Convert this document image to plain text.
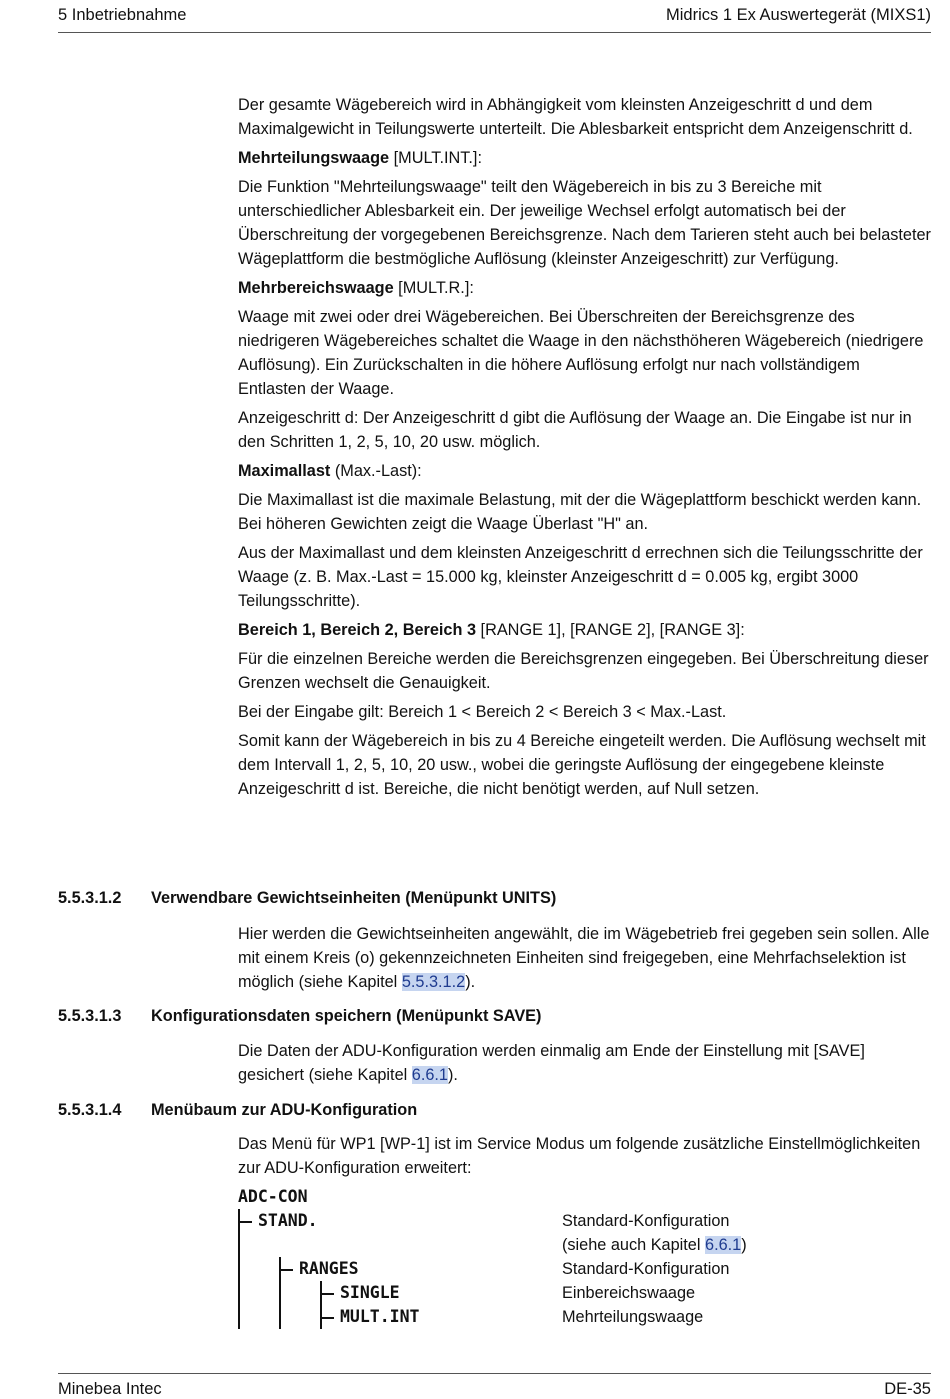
5 Inbetriebnahme	Midrics 1 Ex Auswertegerät (MIXS1)

Der gesamte Wägebereich wird in Abhängigkeit vom kleinsten Anzeigeschritt d und dem Maximalgewicht in Teilungswerte unterteilt. Die Ablesbarkeit entspricht dem Anzeigenschritt d.

Mehrteilungswaage [MULT.INT.]:

Die Funktion "Mehrteilungswaage" teilt den Wägebereich in bis zu 3 Bereiche mit unterschiedlicher Ablesbarkeit ein. Der jeweilige Wechsel erfolgt automatisch bei der Überschreitung der vorgegebenen Bereichsgrenze. Nach dem Tarieren steht auch bei belasteter Wägeplattform die bestmögliche Auflösung (kleinster Anzeigeschritt) zur Verfügung.

Mehrbereichswaage [MULT.R.]:

Waage mit zwei oder drei Wägebereichen. Bei Überschreiten der Bereichsgrenze des niedrigeren Wägebereiches schaltet die Waage in den nächsthöheren Wägebereich (niedrigere Auflösung). Ein Zurückschalten in die höhere Auflösung erfolgt nur nach vollständigem Entlasten der Waage.

Anzeigeschritt d: Der Anzeigeschritt d gibt die Auflösung der Waage an. Die Eingabe ist nur in den Schritten 1, 2, 5, 10, 20 usw. möglich.

Maximallast (Max.-Last):

Die Maximallast ist die maximale Belastung, mit der die Wägeplattform beschickt werden kann. Bei höheren Gewichten zeigt die Waage Überlast "H" an.

Aus der Maximallast und dem kleinsten Anzeigeschritt d errechnen sich die Teilungsschritte der Waage (z. B. Max.-Last = 15.000 kg, kleinster Anzeigeschritt d = 0.005 kg, ergibt 3000 Teilungsschritte).

Bereich 1, Bereich 2, Bereich 3 [RANGE 1], [RANGE 2], [RANGE 3]:

Für die einzelnen Bereiche werden die Bereichsgrenzen eingegeben. Bei Überschreitung dieser Grenzen wechselt die Genauigkeit.

Bei der Eingabe gilt: Bereich 1 < Bereich 2 < Bereich 3 < Max.-Last.

Somit kann der Wägebereich in bis zu 4 Bereiche eingeteilt werden. Die Auflösung wechselt mit dem Intervall 1, 2, 5, 10, 20 usw., wobei die geringste Auflösung der eingegebene kleinste Anzeigeschritt d ist. Bereiche, die nicht benötigt werden, auf Null setzen.

5.5.3.1.2 Verwendbare Gewichtseinheiten (Menüpunkt UNITS)

Hier werden die Gewichtseinheiten angewählt, die im Wägebetrieb frei gegeben sein sollen. Alle mit einem Kreis (o) gekennzeichneten Einheiten sind freigegeben, eine Mehrfachselektion ist möglich (siehe Kapitel 5.5.3.1.2).

5.5.3.1.3 Konfigurationsdaten speichern (Menüpunkt SAVE)

Die Daten der ADU-Konfiguration werden einmalig am Ende der Einstellung mit [SAVE] gesichert (siehe Kapitel 6.6.1).

5.5.3.1.4 Menübaum zur ADU-Konfiguration

Das Menü für WP1 [WP-1] ist im Service Modus um folgende zusätzliche Einstellmöglichkeiten zur ADU-Konfiguration erweitert:

ADC-CON
STAND.
RANGES
SINGLE
MULT.INT
Standard-Konfiguration
(siehe auch Kapitel 6.6.1)
Standard-Konfiguration
Einbereichswaage
Mehrteilungswaage
Minebea Intec	DE-35
